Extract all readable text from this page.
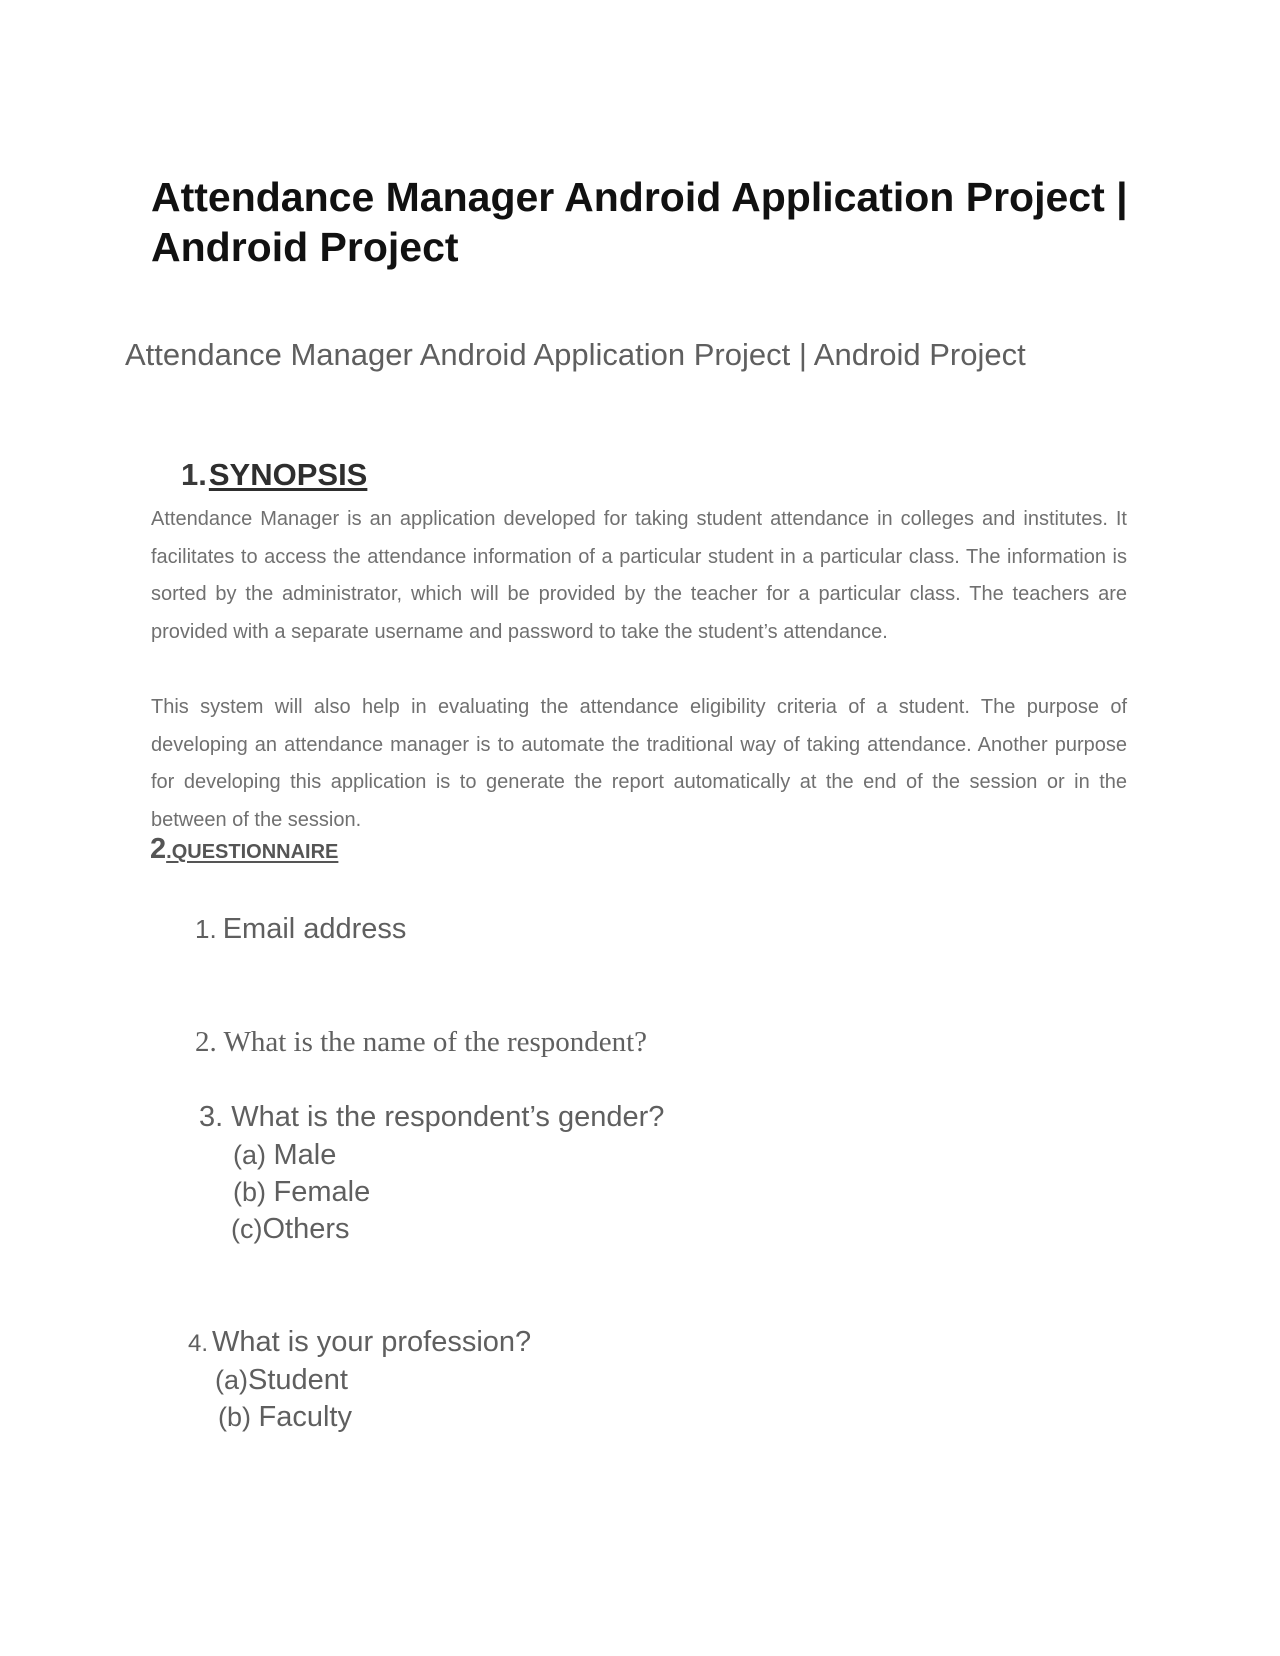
Attendance Manager Android Application Project | Android Project
Attendance Manager Android Application Project | Android Project
1.SYNOPSIS
Attendance Manager is an application developed for taking student attendance in colleges and institutes. It facilitates to access the attendance information of a particular student in a particular class. The information is sorted by the administrator, which will be provided by the teacher for a particular class. The teachers are provided with a separate username and password to take the student’s attendance.
This system will also help in evaluating the attendance eligibility criteria of a student. The purpose of developing an attendance manager is to automate the traditional way of taking attendance. Another purpose for developing this application is to generate the report automatically at the end of the session or in the between of the session.
2.QUESTIONNAIRE
1. Email address
2. What is the name of the respondent?
3. What is the respondent’s gender?
(a) Male
(b) Female
(c)Others
4. What is your profession?
(a)Student
(b) Faculty
